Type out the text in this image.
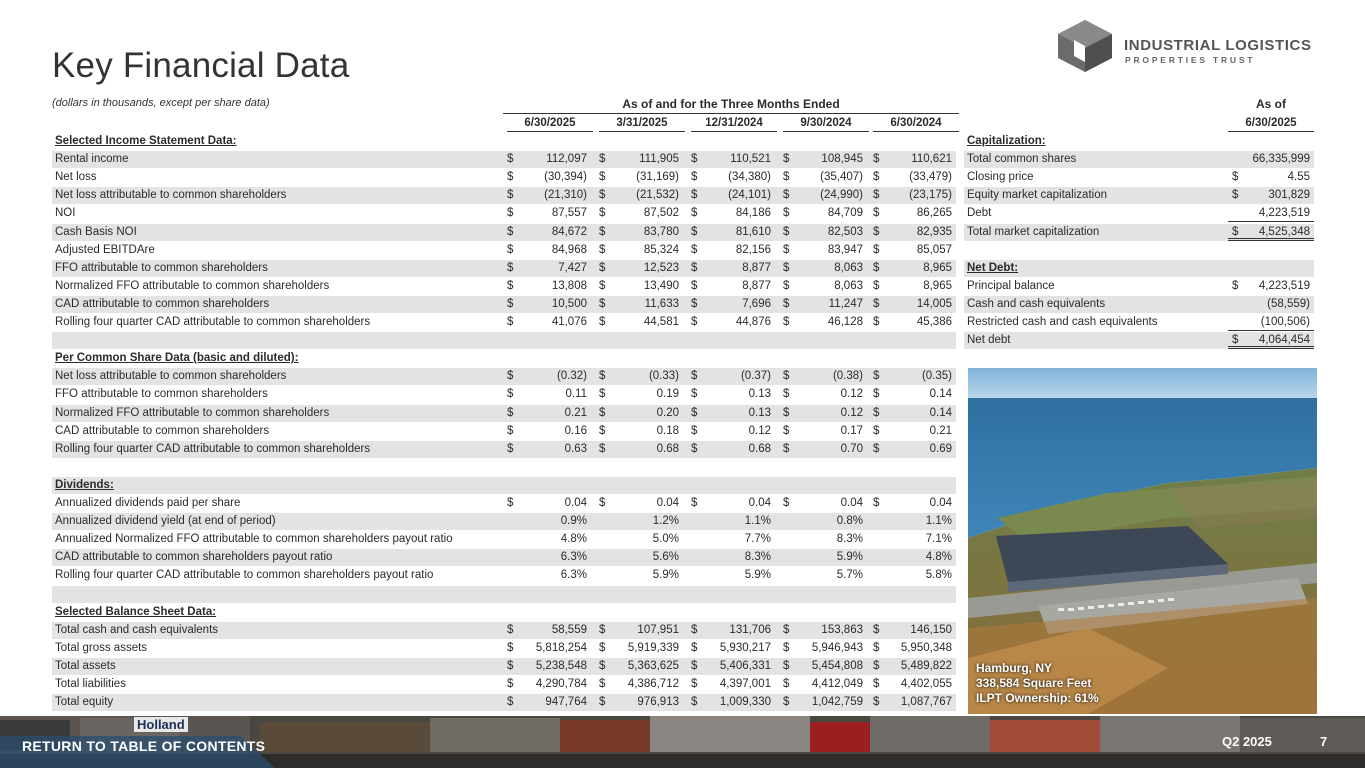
Key Financial Data
INDUSTRIAL LOGISTICS
PROPERTIES TRUST
(dollars in thousands, except per share data)	As of and for the Three Months Ended	As of
6/30/2025	3/31/2025	12/31/2024	9/30/2024	6/30/2024	6/30/2025
Selected Income Statement Data:
Rental income	$	112,097 $	111,905 $	110,521 $	108,945 $	110,621
Net loss	$	(30,394) $	(31,169) $	(34,380) $	(35,407) $	(33,479)
Net loss attributable to common shareholders	$	(21,310) $	(21,532) $	(24,101) $	(24,990) $	(23,175)
NOI	$	87,557 $	87,502 $	84,186 $	84,709 $	86,265
Cash Basis NOI	$	84,672 $	83,780 $	81,610 $	82,503 $	82,935
Adjusted EBITDAre	$	84,968 $	85,324 $	82,156 $	83,947 $	85,057
FFO attributable to common shareholders	$	7,427 $	12,523 $	8,877 $	8,063 $	8,965
Normalized FFO attributable to common shareholders	$	13,808 $	13,490 $	8,877 $	8,063 $	8,965
CAD attributable to common shareholders	$	10,500 $	11,633 $	7,696 $	11,247 $	14,005
Rolling four quarter CAD attributable to common shareholders	$	41,076 $	44,581 $	44,876 $	46,128 $	45,386
Per Common Share Data (basic and diluted):
Net loss attributable to common shareholders	$	(0.32) $	(0.33) $	(0.37) $	(0.38) $	(0.35)
FFO attributable to common shareholders	$	0.11 $	0.19 $	0.13 $	0.12 $	0.14
Normalized FFO attributable to common shareholders	$	0.21 $	0.20 $	0.13 $	0.12 $	0.14
CAD attributable to common shareholders	$	0.16 $	0.18 $	0.12 $	0.17 $	0.21
Rolling four quarter CAD attributable to common shareholders	$	0.63 $	0.68 $	0.68 $	0.70 $	0.69
Dividends:
Annualized dividends paid per share	$	0.04 $	0.04 $	0.04 $	0.04 $	0.04
Annualized dividend yield (at end of period)	0.9%	1.2%	1.1%	0.8%	1.1%
Annualized Normalized FFO attributable to common shareholders payout ratio	4.8%	5.0%	7.7%	8.3%	7.1%
CAD attributable to common shareholders payout ratio	6.3%	5.6%	8.3%	5.9%	4.8%
Rolling four quarter CAD attributable to common shareholders payout ratio	6.3%	5.9%	5.9%	5.7%	5.8%
Selected Balance Sheet Data:
Total cash and cash equivalents	$	58,559 $	107,951 $	131,706 $	153,863 $	146,150
Total gross assets	$ 5,818,254 $ 5,919,339 $ 5,930,217 $ 5,946,943 $ 5,950,348
Total assets	$ 5,238,548 $ 5,363,625 $ 5,406,331 $ 5,454,808 $ 5,489,822
Total liabilities	$ 4,290,784 $ 4,386,712 $ 4,397,001 $ 4,412,049 $ 4,402,055
Total equity	$	947,764 $	976,913 $ 1,009,330 $ 1,042,759 $ 1,087,767
Capitalization:
Total common shares	66,335,999
Closing price	$	4.55
Equity market capitalization	$	301,829
Debt	4,223,519
Total market capitalization	$ 4,525,348
Net Debt:
Principal balance	$ 4,223,519
Cash and cash equivalents	(58,559)
Restricted cash and cash equivalents	(100,506)
Net debt	$ 4,064,454
Hamburg, NY
338,584 Square Feet
ILPT Ownership: 61%
Holland
RETURN TO TABLE OF CONTENTS	Q2 2025	7
